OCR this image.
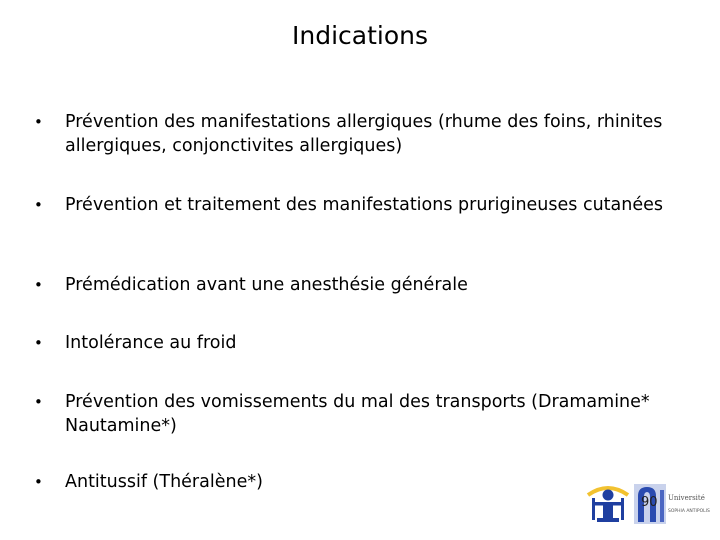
Indications
•	Prévention des manifestations allergiques (rhume des foins, rhinites allergiques, conjonctivites allergiques)
•	Prévention et traitement des manifestations prurigineuses cutanées
•	Prémédication avant une anesthésie générale
•	Intolérance au froid
•	Prévention des vomissements du mal des transports (Dramamine* Nautamine*)
•	Antitussif (Théralène*)
Université
SOPHIA ANTIPOLIS
90
